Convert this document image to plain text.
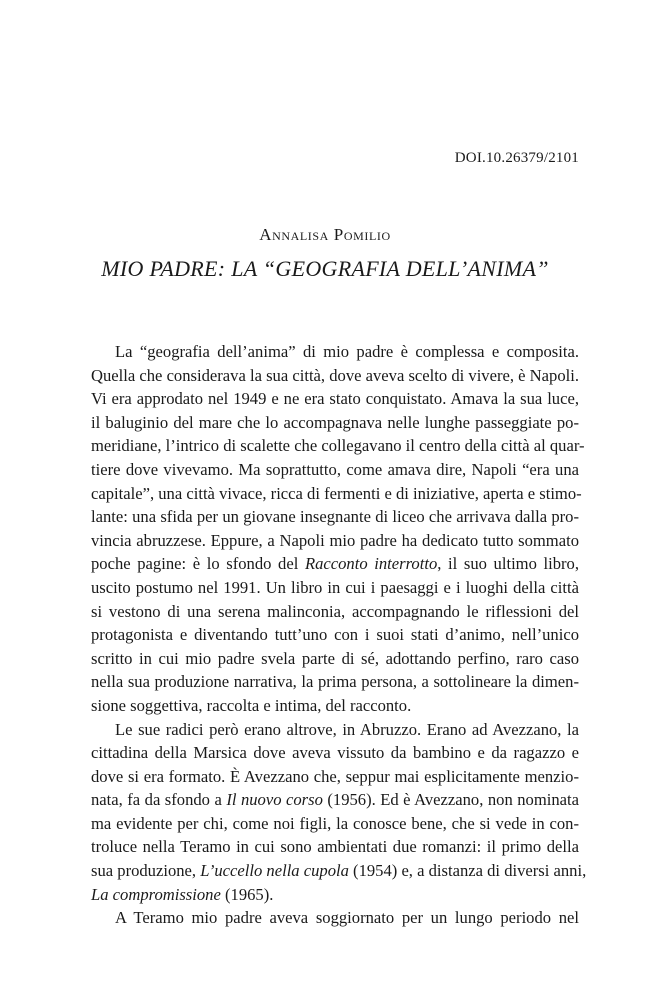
DOI.10.26379/2101
Annalisa Pomilio
MIO PADRE: LA “GEOGRAFIA DELL’ANIMA”
La “geografia dell’anima” di mio padre è complessa e composita.
Quella che considerava la sua città, dove aveva scelto di vivere, è Napoli.
Vi era approdato nel 1949 e ne era stato conquistato. Amava la sua luce,
il baluginio del mare che lo accompagnava nelle lunghe passeggiate po-
meridiane, l’intrico di scalette che collegavano il centro della città al quar-
tiere dove vivevamo. Ma soprattutto, come amava dire, Napoli “era una
capitale”, una città vivace, ricca di fermenti e di iniziative, aperta e stimo-
lante: una sfida per un giovane insegnante di liceo che arrivava dalla pro-
vincia abruzzese. Eppure, a Napoli mio padre ha dedicato tutto sommato
poche pagine: è lo sfondo del Racconto interrotto, il suo ultimo libro,
uscito postumo nel 1991. Un libro in cui i paesaggi e i luoghi della città
si vestono di una serena malinconia, accompagnando le riflessioni del
protagonista e diventando tutt’uno con i suoi stati d’animo, nell’unico
scritto in cui mio padre svela parte di sé, adottando perfino, raro caso
nella sua produzione narrativa, la prima persona, a sottolineare la dimen-
sione soggettiva, raccolta e intima, del racconto.
Le sue radici però erano altrove, in Abruzzo. Erano ad Avezzano, la
cittadina della Marsica dove aveva vissuto da bambino e da ragazzo e
dove si era formato. È Avezzano che, seppur mai esplicitamente menzio-
nata, fa da sfondo a Il nuovo corso (1956). Ed è Avezzano, non nominata
ma evidente per chi, come noi figli, la conosce bene, che si vede in con-
troluce nella Teramo in cui sono ambientati due romanzi: il primo della
sua produzione, L’uccello nella cupola (1954) e, a distanza di diversi anni,
La compromissione (1965).
A Teramo mio padre aveva soggiornato per un lungo periodo nel
